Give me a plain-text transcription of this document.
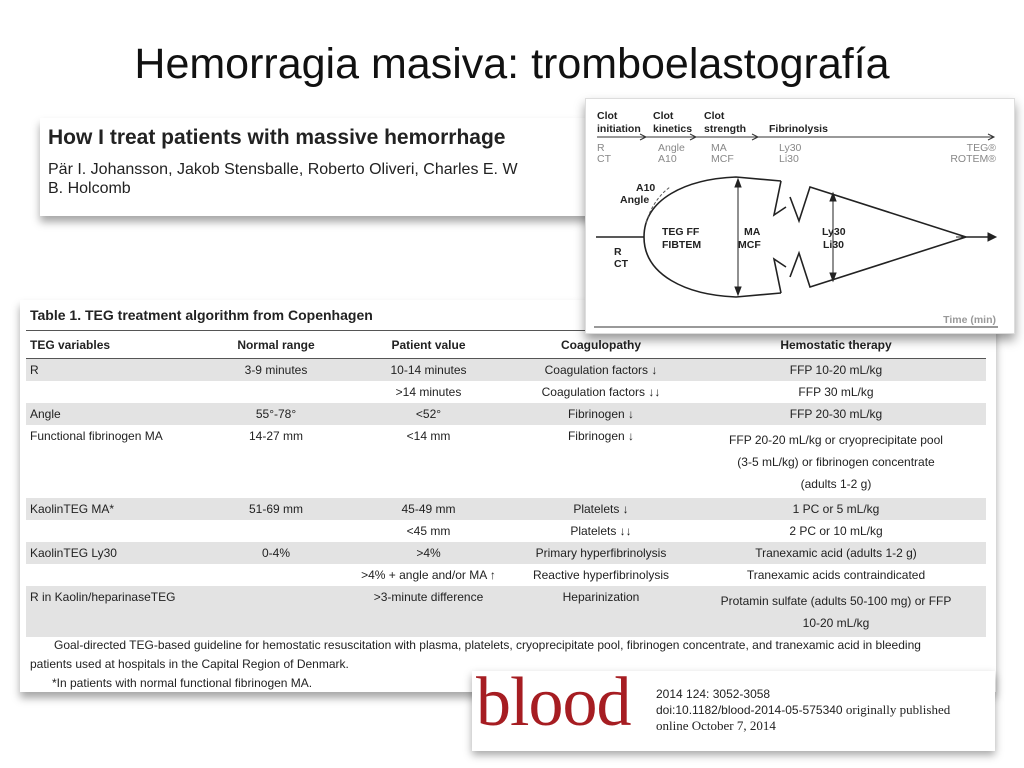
Hemorragia masiva: tromboelastografía
How I treat patients with massive hemorrhage
Pär I. Johansson, Jakob Stensballe, Roberto Oliveri, Charles E. W
B. Holcomb
Table 1. TEG treatment algorithm from Copenhagen
TEG variables	Normal range	Patient value	Coagulopathy	Hemostatic therapy
R	3-9 minutes	10-14 minutes	Coagulation factors ↓	FFP 10-20 mL/kg
		>14 minutes	Coagulation factors ↓↓	FFP 30 mL/kg
Angle	55°-78°	<52°	Fibrinogen ↓	FFP 20-30 mL/kg
Functional fibrinogen MA	14-27 mm	<14 mm	Fibrinogen ↓	FFP 20-20 mL/kg or cryoprecipitate pool
(3-5 mL/kg) or fibrinogen concentrate
(adults 1-2 g)

KaolinTEG MA*	51-69 mm	45-49 mm	Platelets ↓	1 PC or 5 mL/kg
		<45 mm	Platelets ↓↓	2 PC or 10 mL/kg
KaolinTEG Ly30	0-4%	>4%	Primary hyperfibrinolysis	Tranexamic acid (adults 1-2 g)
		>4% + angle and/or MA ↑	Reactive hyperfibrinolysis	Tranexamic acids contraindicated
R in Kaolin/heparinaseTEG		>3-minute difference	Heparinization	Protamin sulfate (adults 50-100 mg) or FFP
10-20 mL/kg
Goal-directed TEG-based guideline for hemostatic resuscitation with plasma, platelets, cryoprecipitate pool, fibrinogen concentrate, and tranexamic acid in bleeding
patients used at hospitals in the Capital Region of Denmark.
*In patients with normal functional fibrinogen MA.
Clot
initiation
Clot
kinetics
Clot
strength Fibrinolysis
R
CT
Angle
A10
MA
MCF
Ly30
Li30
TEG®
ROTEM®
A10
Angle
R
CT
TEG FF
FIBTEM
MA
MCF
Ly30
Li30
Time (min)
blood 2014 124: 3052-3058
doi:10.1182/blood-2014-05-575340 originally published
online October 7, 2014
